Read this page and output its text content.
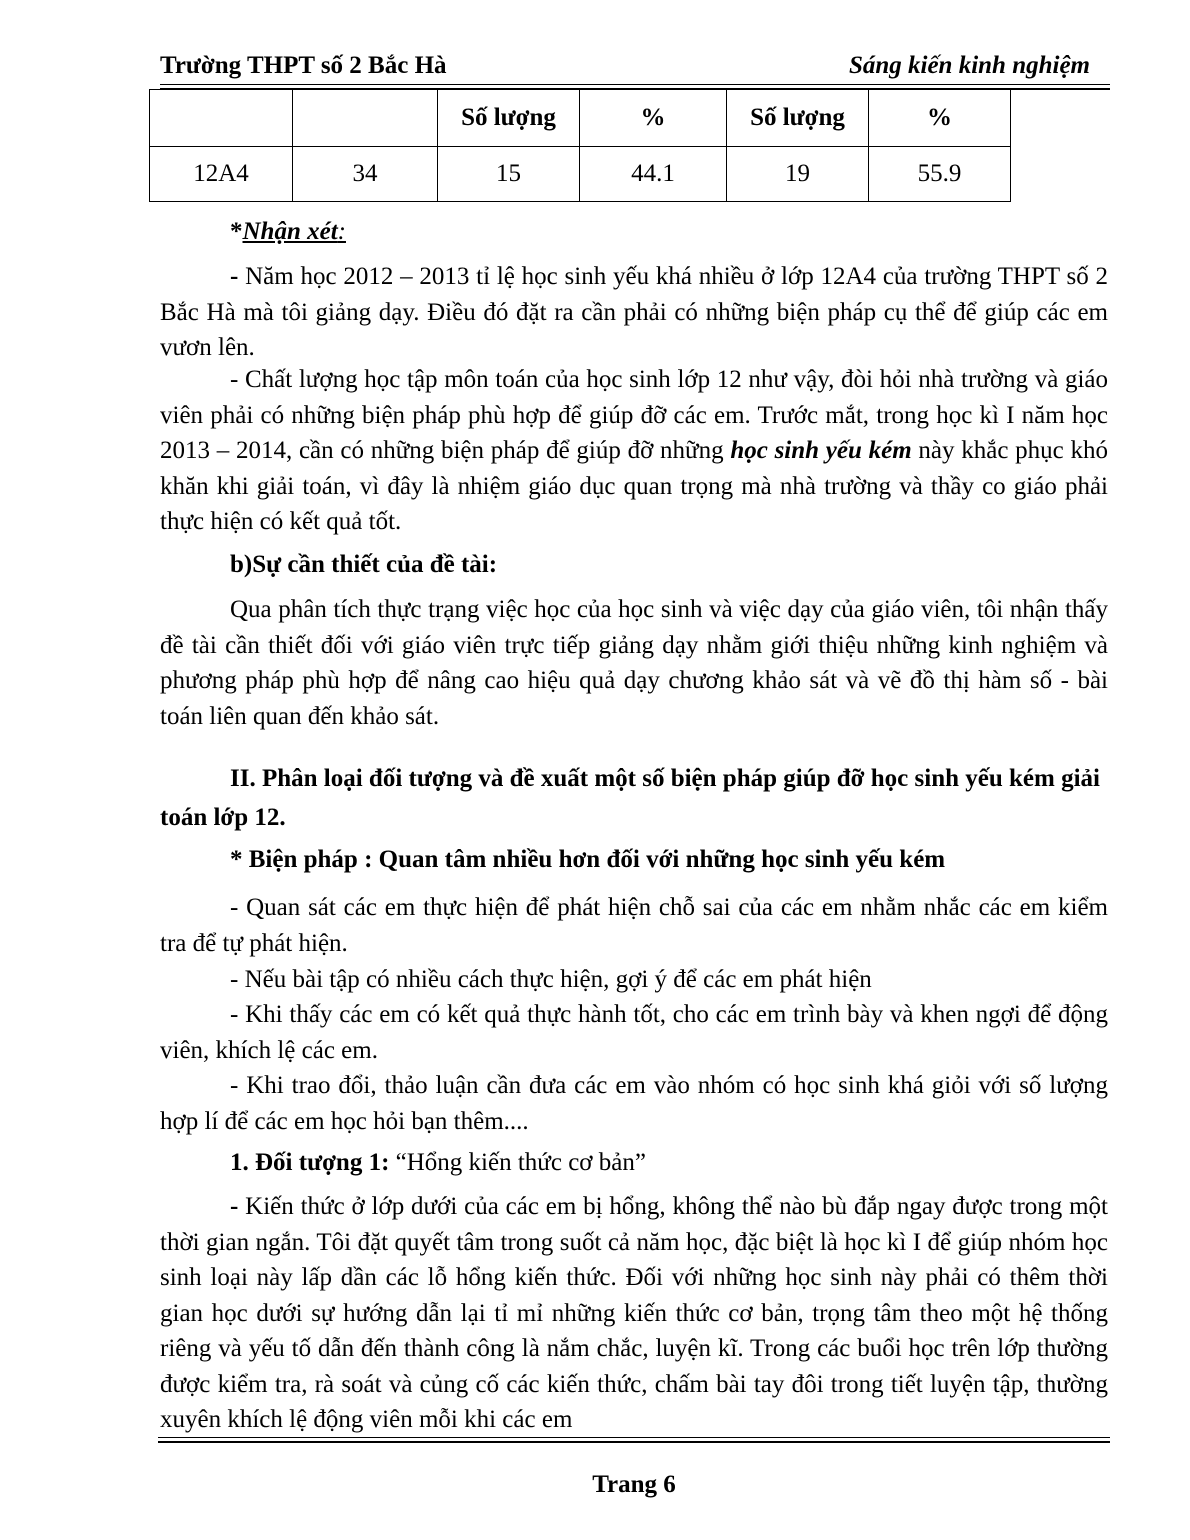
Trường THPT số 2 Bắc Hà	Sáng kiến kinh nghiệm
		Số lượng	%	Số lượng	%
12A4	34	15	44.1	19	55.9
*Nhận xét:

- Năm học 2012 – 2013 tỉ lệ học sinh yếu khá nhiều ở lớp 12A4 của trường THPT số 2 Bắc Hà mà tôi giảng dạy. Điều đó đặt ra cần phải có những biện pháp cụ thể để giúp các em vươn lên.

- Chất lượng học tập môn toán của học sinh lớp 12 như vậy, đòi hỏi nhà trường và giáo viên phải có những biện pháp phù hợp để giúp đỡ các em. Trước mắt, trong học kì I năm học 2013 – 2014, cần có những biện pháp để giúp đỡ những học sinh yếu kém này khắc phục khó khăn khi giải toán, vì đây là nhiệm giáo dục quan trọng mà nhà trường và thầy co giáo phải thực hiện có kết quả tốt.

b)Sự cần thiết của đề tài:

Qua phân tích thực trạng việc học của học sinh và việc dạy của giáo viên, tôi nhận thấy đề tài cần thiết đối với giáo viên trực tiếp giảng dạy nhằm giới thiệu những kinh nghiệm và phương pháp phù hợp để nâng cao hiệu quả dạy chương khảo sát và vẽ đồ thị hàm số - bài toán liên quan đến khảo sát.

II. Phân loại đối tượng và đề xuất một số biện pháp giúp đỡ học sinh yếu kém giải toán lớp 12.

* Biện pháp : Quan tâm nhiều hơn đối với những học sinh yếu kém

- Quan sát các em thực hiện để phát hiện chỗ sai của các em nhằm nhắc các em kiểm tra để tự phát hiện.

- Nếu bài tập có nhiều cách thực hiện, gợi ý để các em phát hiện

- Khi thấy các em có kết quả thực hành tốt, cho các em trình bày và khen ngợi để động viên, khích lệ các em.

- Khi trao đổi, thảo luận cần đưa các em vào nhóm có học sinh khá giỏi với số lượng hợp lí để các em học hỏi bạn thêm....

1. Đối tượng 1: “Hổng kiến thức cơ bản”

- Kiến thức ở lớp dưới của các em bị hổng, không thể nào bù đắp ngay được trong một thời gian ngắn. Tôi đặt quyết tâm trong suốt cả năm học, đặc biệt là học kì I để giúp nhóm học sinh loại này lấp dần các lỗ hổng kiến thức. Đối với những học sinh này phải có thêm thời gian học dưới sự hướng dẫn lại tỉ mỉ những kiến thức cơ bản, trọng tâm theo một hệ thống riêng và yếu tố dẫn đến thành công là nắm chắc, luyện kĩ. Trong các buổi học trên lớp thường được kiểm tra, rà soát và củng cố các kiến thức, chấm bài tay đôi trong tiết luyện tập, thường xuyên khích lệ động viên mỗi khi các em

Trang 6
